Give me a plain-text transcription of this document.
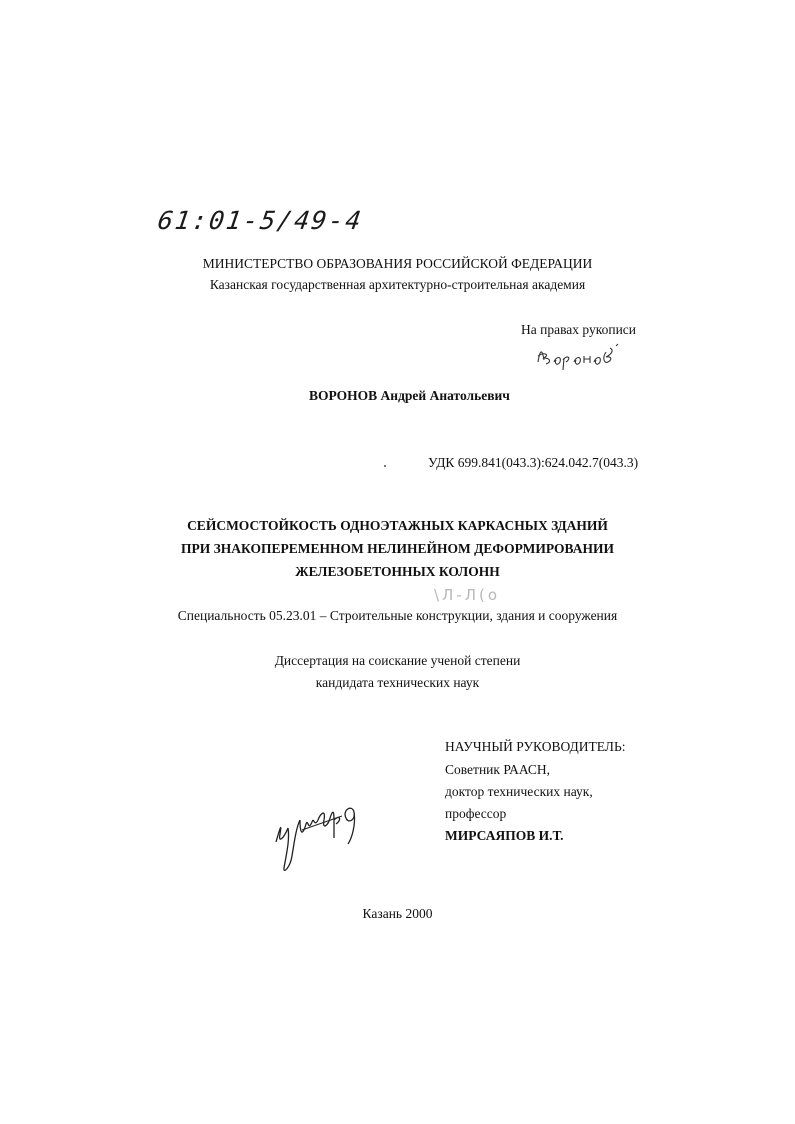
61:01-5/49-4
МИНИСТЕРСТВО ОБРАЗОВАНИЯ РОССИЙСКОЙ ФЕДЕРАЦИИ
Казанская государственная архитектурно-строительная академия
На правах рукописи
ВОРОНОВ Андрей Анатольевич
УДК 699.841(043.3):624.042.7(043.3)
СЕЙСМОСТОЙКОСТЬ ОДНОЭТАЖНЫХ КАРКАСНЫХ ЗДАНИЙ
ПРИ ЗНАКОПЕРЕМЕННОМ НЕЛИНЕЙНОМ ДЕФОРМИРОВАНИИ
ЖЕЛЕЗОБЕТОННЫХ КОЛОНН
\Л-Л(о
Специальность 05.23.01 – Строительные конструкции, здания и сооружения
Диссертация на соискание ученой степени
кандидата технических наук
НАУЧНЫЙ РУКОВОДИТЕЛЬ:
Советник РААСН,
доктор технических наук,
профессор
МИРСАЯПОВ И.Т.
Казань 2000
